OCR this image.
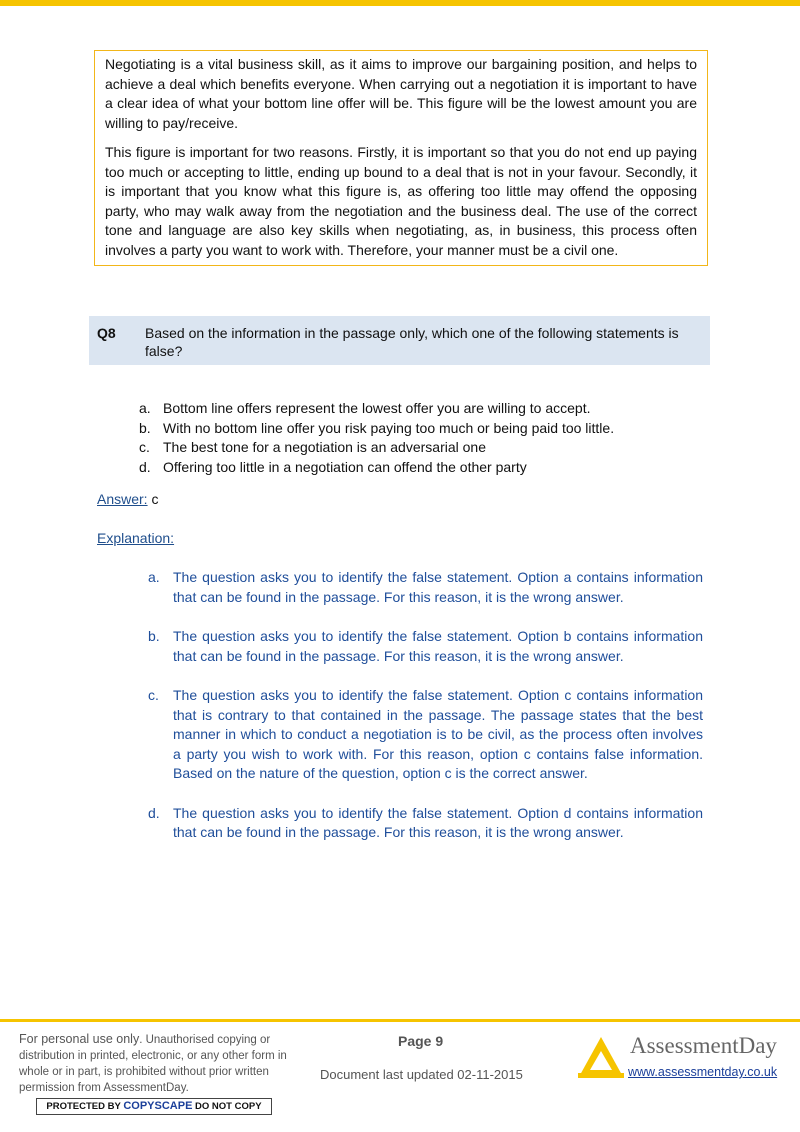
Negotiating is a vital business skill, as it aims to improve our bargaining position, and helps to achieve a deal which benefits everyone. When carrying out a negotiation it is important to have a clear idea of what your bottom line offer will be. This figure will be the lowest amount you are willing to pay/receive.

This figure is important for two reasons. Firstly, it is important so that you do not end up paying too much or accepting to little, ending up bound to a deal that is not in your favour. Secondly, it is important that you know what this figure is, as offering too little may offend the opposing party, who may walk away from the negotiation and the business deal. The use of the correct tone and language are also key skills when negotiating, as, in business, this process often involves a party you want to work with. Therefore, your manner must be a civil one.

Q8 Based on the information in the passage only, which one of the following statements is false?
a. Bottom line offers represent the lowest offer you are willing to accept.
b. With no bottom line offer you risk paying too much or being paid too little.
c. The best tone for a negotiation is an adversarial one
d. Offering too little in a negotiation can offend the other party
Answer: c
Explanation:
a. The question asks you to identify the false statement. Option a contains information that can be found in the passage. For this reason, it is the wrong answer.
b. The question asks you to identify the false statement. Option b contains information that can be found in the passage. For this reason, it is the wrong answer.
c.	The question asks you to identify the false statement. Option c contains information that is contrary to that contained in the passage. The passage states that the best manner in which to conduct a negotiation is to be civil, as the process often involves a party you wish to work with. For this reason, option c contains false information. Based on the nature of the question, option c is the correct answer.
d. The question asks you to identify the false statement. Option d contains information that can be found in the passage. For this reason, it is the wrong answer.
For personal use only. Unauthorised copying or distribution in printed, electronic, or any other form in whole or in part, is prohibited without prior written permission from AssessmentDay.
PROTECTED BY COPYSCAPE DO NOT COPY
Page 9
Document last updated 02-11-2015
AssessmentDay
www.assessmentday.co.uk
